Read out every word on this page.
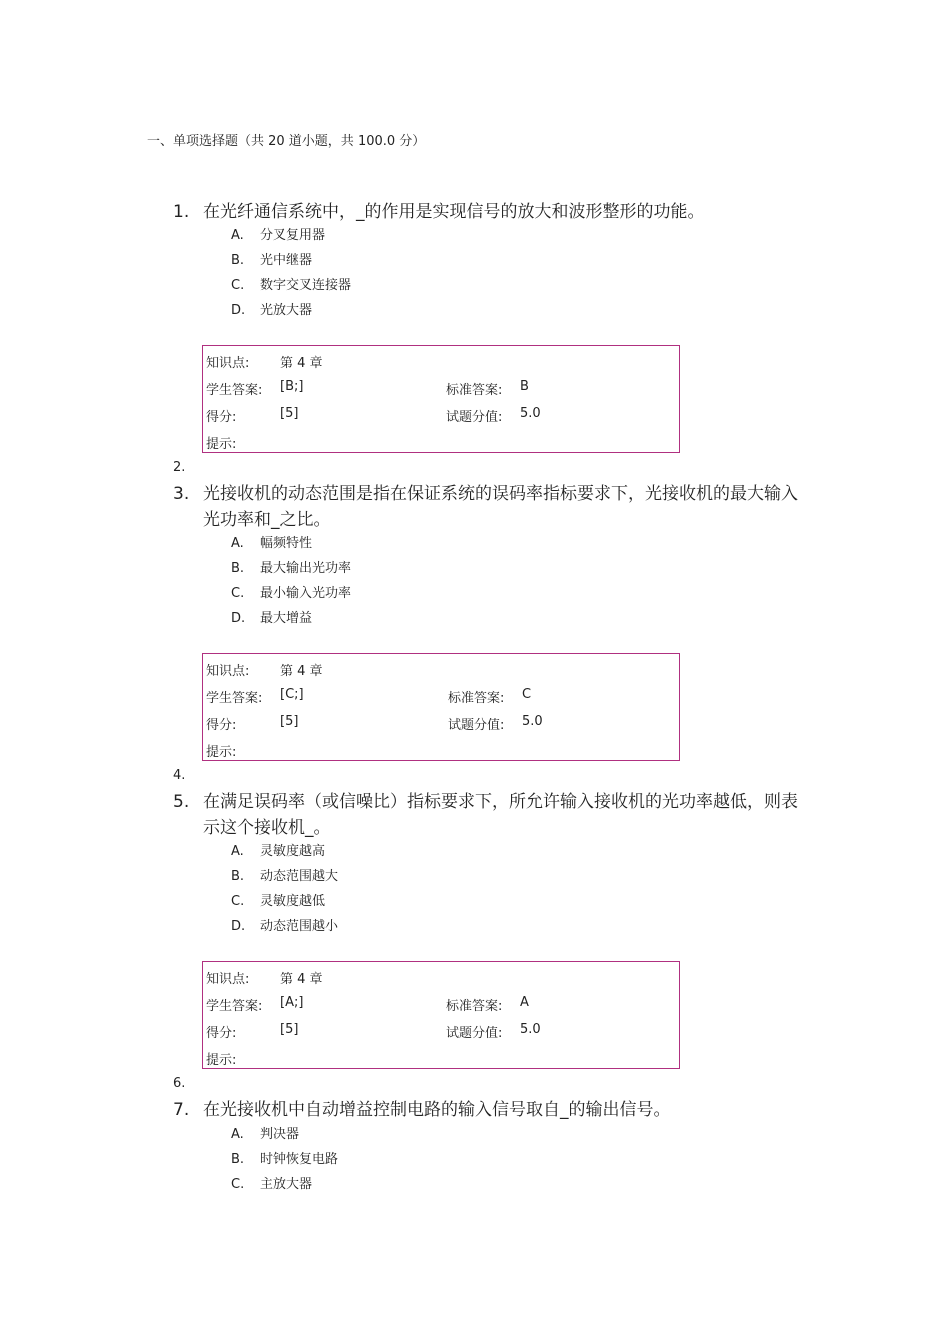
一、单项选择题（共 20 道小题，共 100.0 分）
1. 在光纤通信系统中，_的作用是实现信号的放大和波形整形的功能。
A. 分叉复用器
B. 光中继器
C. 数字交叉连接器
D. 光放大器
知识点: 第 4 章
学生答案: [B;]	标准答案: B
得分:	[5]	试题分值: 5.0
提示:
2.
3. 光接收机的动态范围是指在保证系统的误码率指标要求下，光接收机的最大输入光功率和_之比。
A. 幅频特性
B. 最大输出光功率
C. 最小输入光功率
D. 最大增益
知识点: 第 4 章
学生答案: [C;]	标准答案: C
得分:	[5]	试题分值: 5.0
提示:
4.
5. 在满足误码率（或信噪比）指标要求下，所允许输入接收机的光功率越低，则表示这个接收机_。
A. 灵敏度越高
B. 动态范围越大
C. 灵敏度越低
D. 动态范围越小
知识点: 第 4 章
学生答案: [A;]	标准答案: A
得分:	[5]	试题分值: 5.0
提示:
6.
7. 在光接收机中自动增益控制电路的输入信号取自_的输出信号。
A. 判决器
B. 时钟恢复电路
C. 主放大器
